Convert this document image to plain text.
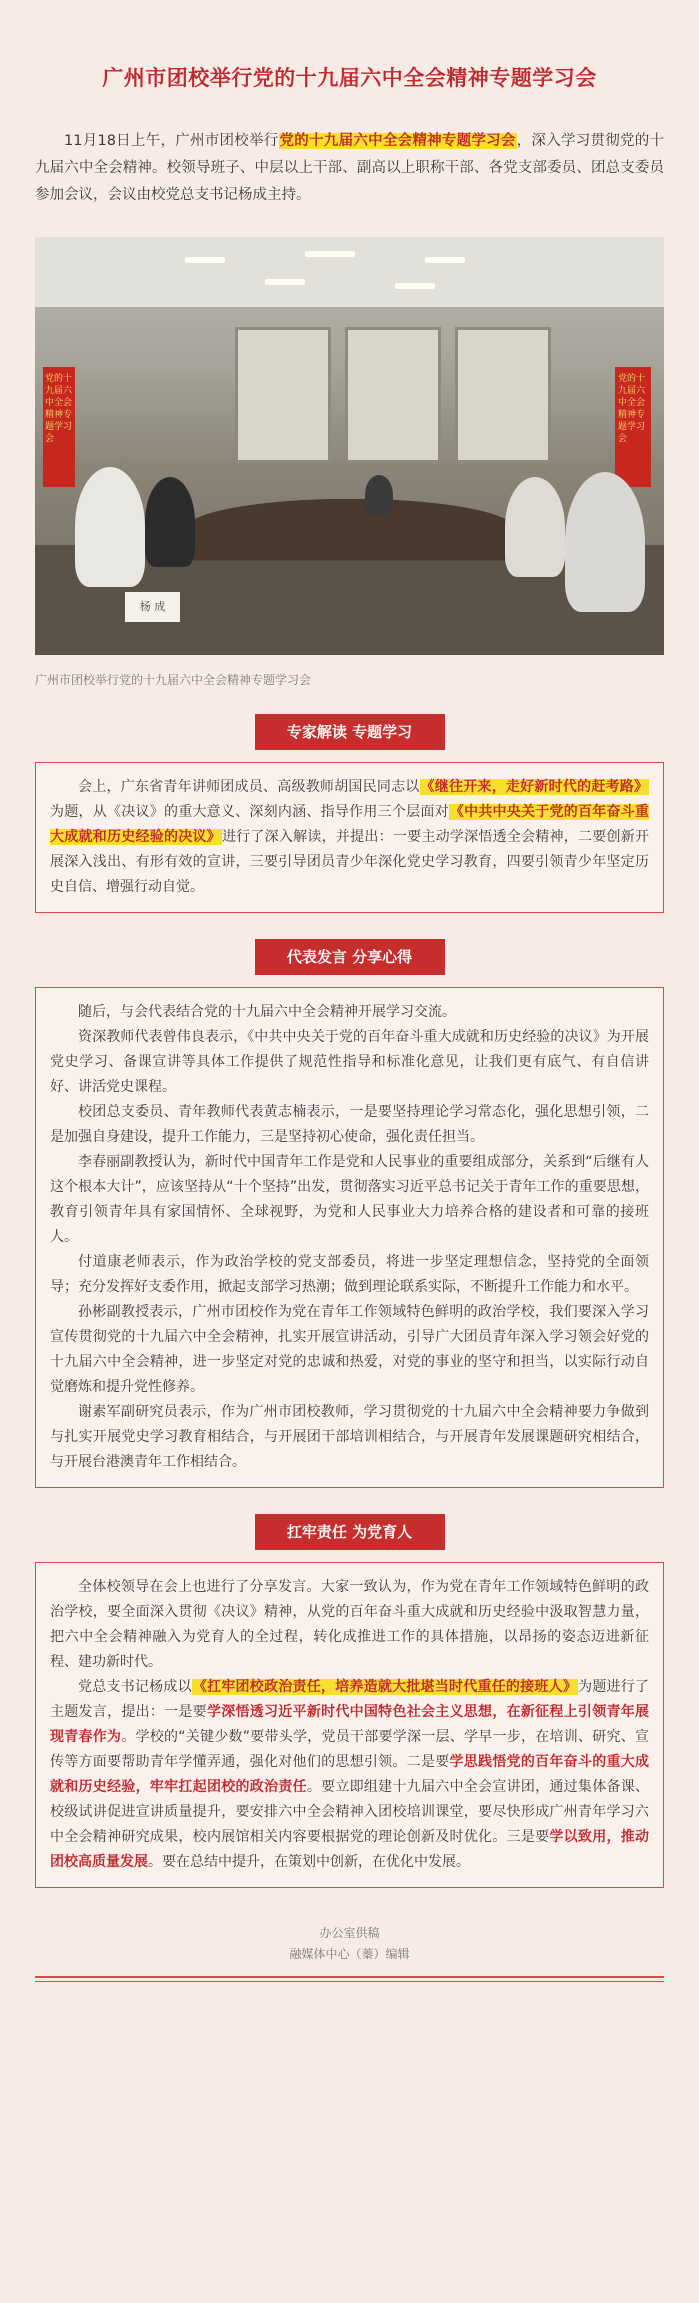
广州市团校举行党的十九届六中全会精神专题学习会

11月18日上午，广州市团校举行党的十九届六中全会精神专题学习会，深入学习贯彻党的十九届六中全会精神。校领导班子、中层以上干部、副高以上职称干部、各党支部委员、团总支委员参加会议，会议由校党总支书记杨成主持。

党的十九届六中全会精神专题学习会
党的十九届六中全会精神专题学习会
杨 成

广州市团校举行党的十九届六中全会精神专题学习会

专家解读 专题学习

会上，广东省青年讲师团成员、高级教师胡国民同志以《继往开来，走好新时代的赶考路》为题，从《决议》的重大意义、深刻内涵、指导作用三个层面对《中共中央关于党的百年奋斗重大成就和历史经验的决议》进行了深入解读，并提出：一要主动学深悟透全会精神，二要创新开展深入浅出、有形有效的宣讲，三要引导团员青少年深化党史学习教育，四要引领青少年坚定历史自信、增强行动自觉。

代表发言 分享心得

随后，与会代表结合党的十九届六中全会精神开展学习交流。

资深教师代表曾伟良表示，《中共中央关于党的百年奋斗重大成就和历史经验的决议》为开展党史学习、备课宣讲等具体工作提供了规范性指导和标准化意见，让我们更有底气、有自信讲好、讲活党史课程。

校团总支委员、青年教师代表黄志楠表示，一是要坚持理论学习常态化，强化思想引领，二是加强自身建设，提升工作能力，三是坚持初心使命，强化责任担当。

李春丽副教授认为，新时代中国青年工作是党和人民事业的重要组成部分，关系到“后继有人这个根本大计”，应该坚持从“十个坚持”出发，贯彻落实习近平总书记关于青年工作的重要思想，教育引领青年具有家国情怀、全球视野，为党和人民事业大力培养合格的建设者和可靠的接班人。

付道康老师表示，作为政治学校的党支部委员，将进一步坚定理想信念，坚持党的全面领导；充分发挥好支委作用，掀起支部学习热潮；做到理论联系实际，不断提升工作能力和水平。

孙彬副教授表示，广州市团校作为党在青年工作领域特色鲜明的政治学校，我们要深入学习宣传贯彻党的十九届六中全会精神，扎实开展宣讲活动，引导广大团员青年深入学习领会好党的十九届六中全会精神，进一步坚定对党的忠诚和热爱，对党的事业的坚守和担当，以实际行动自觉磨炼和提升党性修养。

谢素军副研究员表示，作为广州市团校教师，学习贯彻党的十九届六中全会精神要力争做到与扎实开展党史学习教育相结合，与开展团干部培训相结合，与开展青年发展课题研究相结合，与开展台港澳青年工作相结合。

扛牢责任 为党育人

全体校领导在会上也进行了分享发言。大家一致认为，作为党在青年工作领域特色鲜明的政治学校，要全面深入贯彻《决议》精神，从党的百年奋斗重大成就和历史经验中汲取智慧力量，把六中全会精神融入为党育人的全过程，转化成推进工作的具体措施，以昂扬的姿态迈进新征程、建功新时代。

党总支书记杨成以《扛牢团校政治责任，培养造就大批堪当时代重任的接班人》为题进行了主题发言，提出：一是要学深悟透习近平新时代中国特色社会主义思想，在新征程上引领青年展现青春作为。学校的“关键少数”要带头学，党员干部要学深一层、学早一步，在培训、研究、宣传等方面要帮助青年学懂弄通，强化对他们的思想引领。二是要学思践悟党的百年奋斗的重大成就和历史经验，牢牢扛起团校的政治责任。要立即组建十九届六中全会宣讲团，通过集体备课、校级试讲促进宣讲质量提升，要安排六中全会精神入团校培训课堂，要尽快形成广州青年学习六中全会精神研究成果，校内展馆相关内容要根据党的理论创新及时优化。三是要学以致用，推动团校高质量发展。要在总结中提升，在策划中创新，在优化中发展。

办公室供稿
融媒体中心（蓁）编辑
